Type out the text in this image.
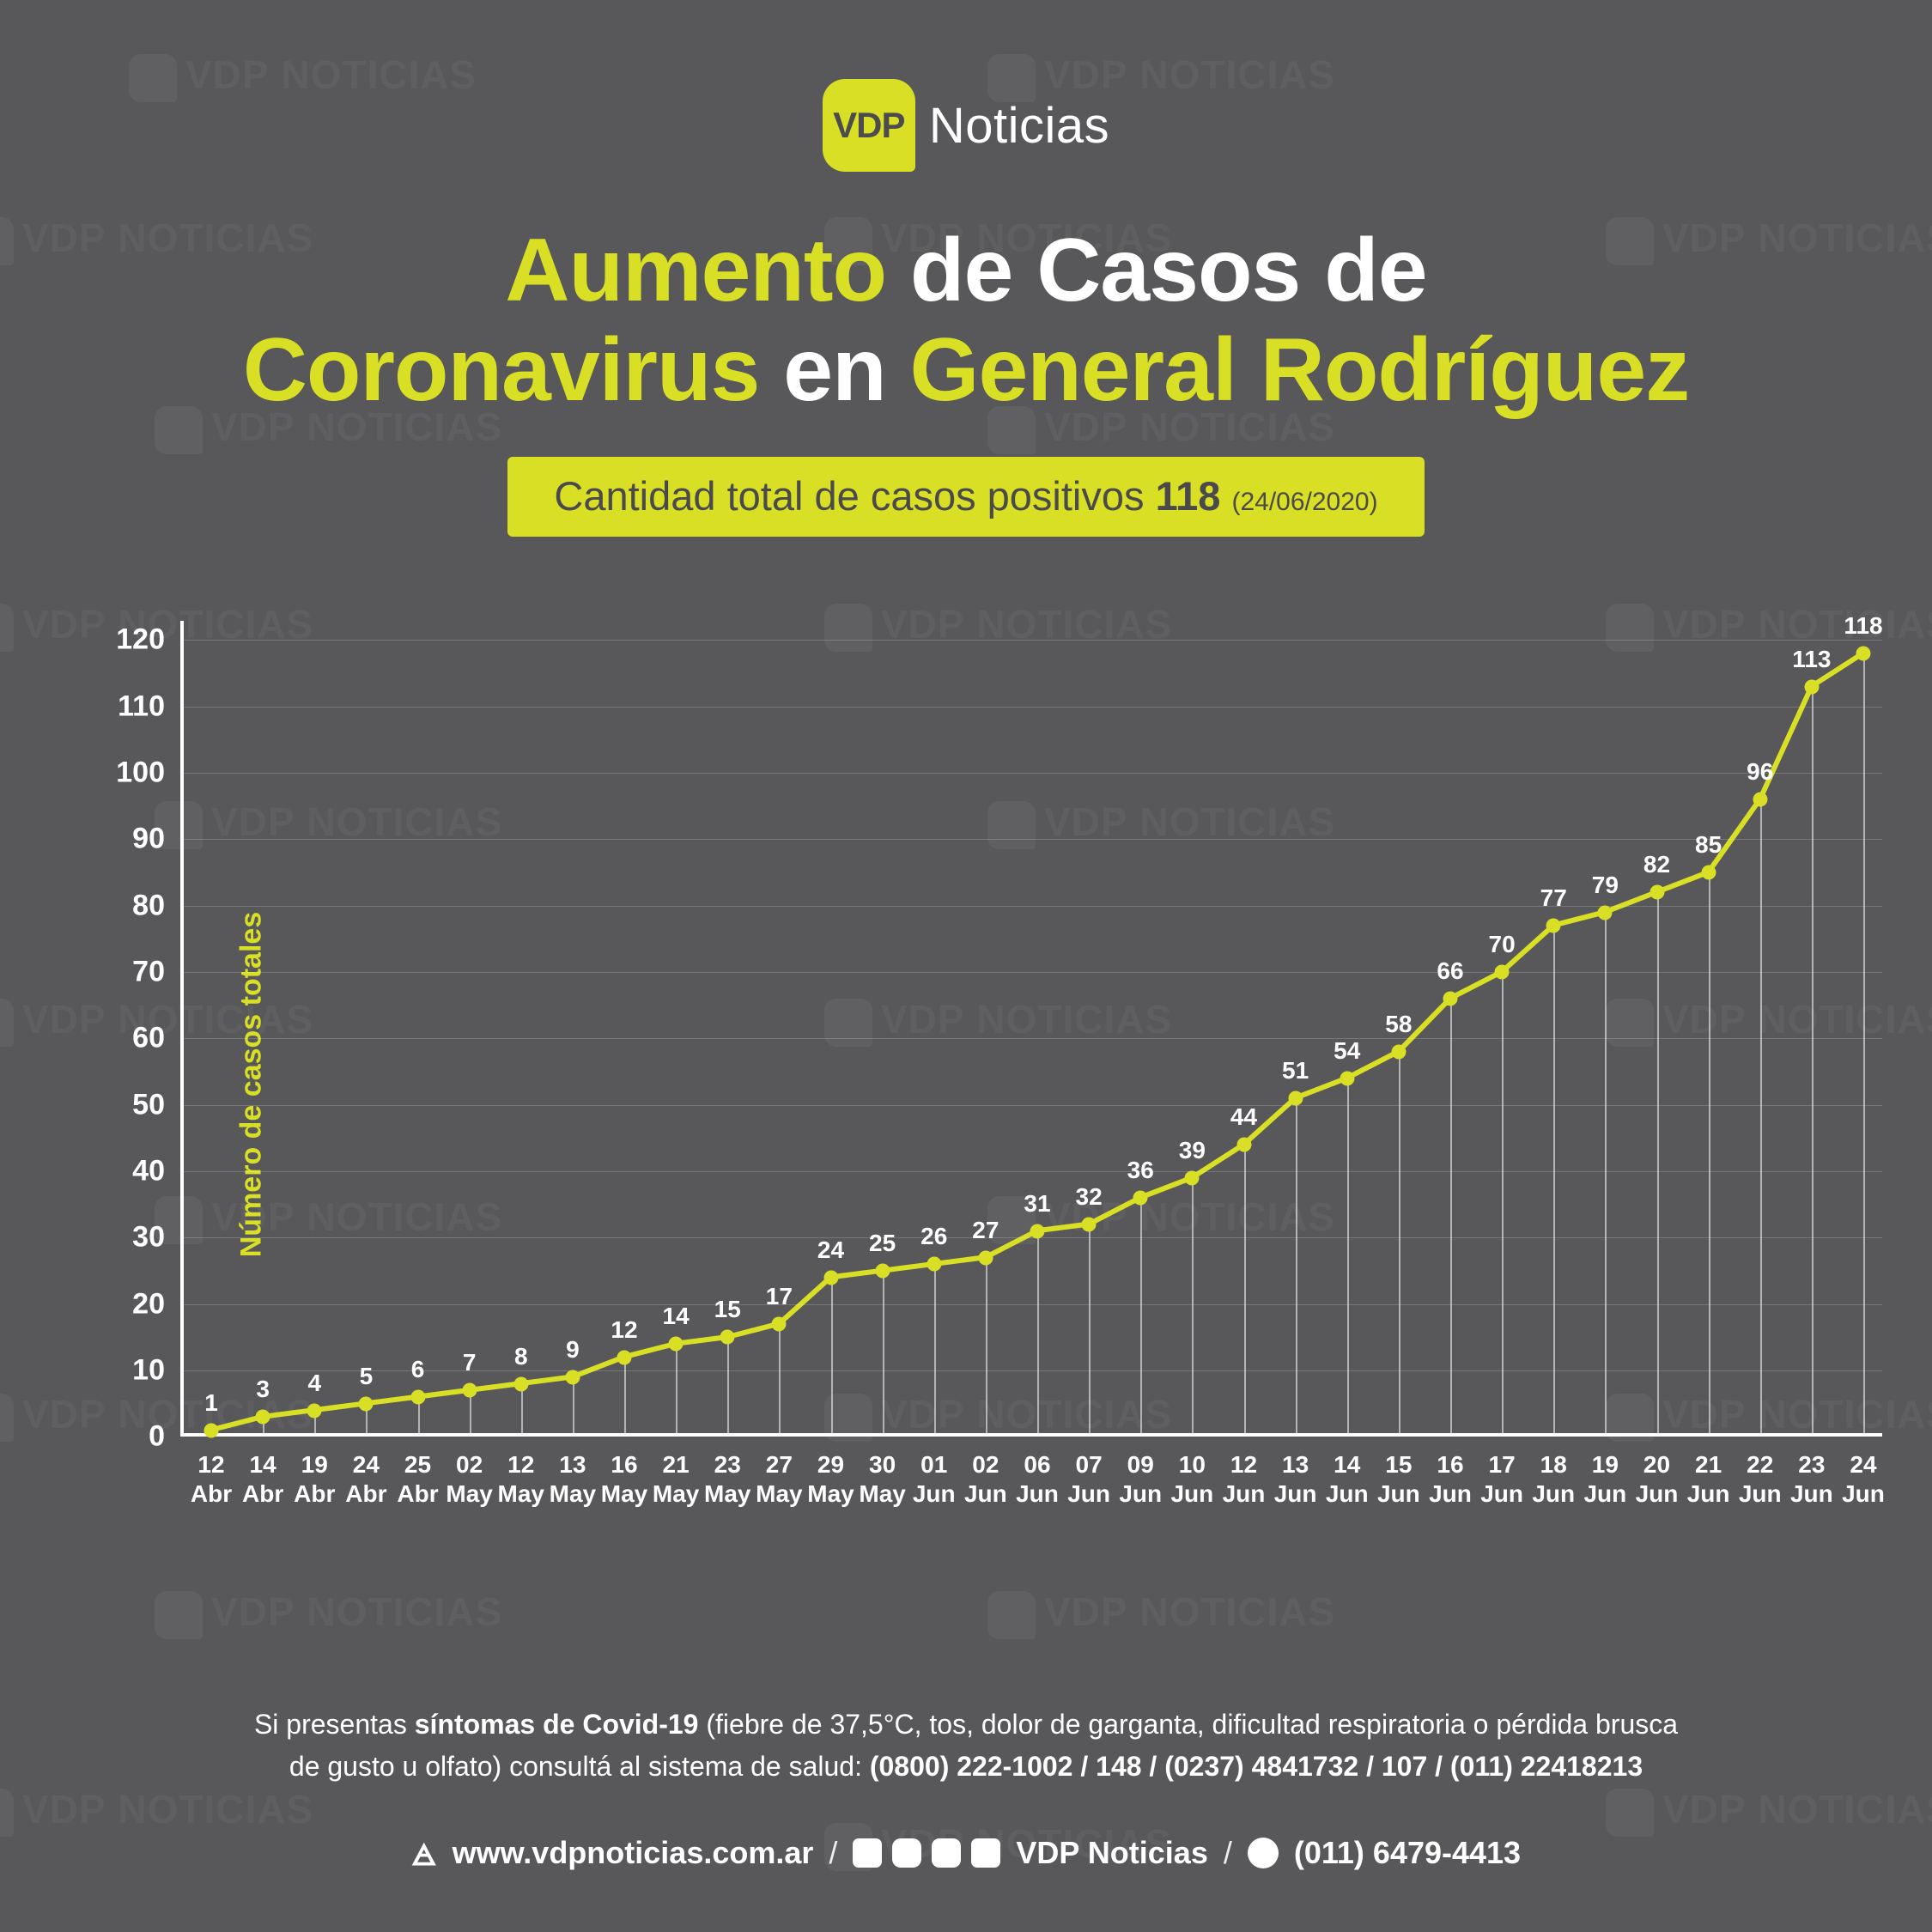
VDP Noticias
Aumento de Casos de
Coronavirus en General Rodríguez
Cantidad total de casos positivos 118 (24/06/2020)
Número de casos totales
0
10
20
30
40
50
60
70
80
90
100
110
120
1
12
Abr
3
14
Abr
4
19
Abr
5
24
Abr
6
25
Abr
7
02
May
8
12
May
9
13
May
12
16
May
14
21
May
15
23
May
17
27
May
24
29
May
25
30
May
26
01
Jun
27
02
Jun
31
06
Jun
32
07
Jun
36
09
Jun
39
10
Jun
44
12
Jun
51
13
Jun
54
14
Jun
58
15
Jun
66
16
Jun
70
17
Jun
77
18
Jun
79
19
Jun
82
20
Jun
85
21
Jun
96
22
Jun
113
23
Jun
118
24
Jun
Si presentas síntomas de Covid-19 (fiebre de 37,5°C, tos, dolor de garganta, dificultad respiratoria o pérdida brusca
de gusto u olfato) consultá al sistema de salud: (0800) 222-1002 / 148 / (0237) 4841732 / 107 / (011) 22418213
🜁 www.vdpnoticias.com.ar /	VDP Noticias / (011) 6479-4413
